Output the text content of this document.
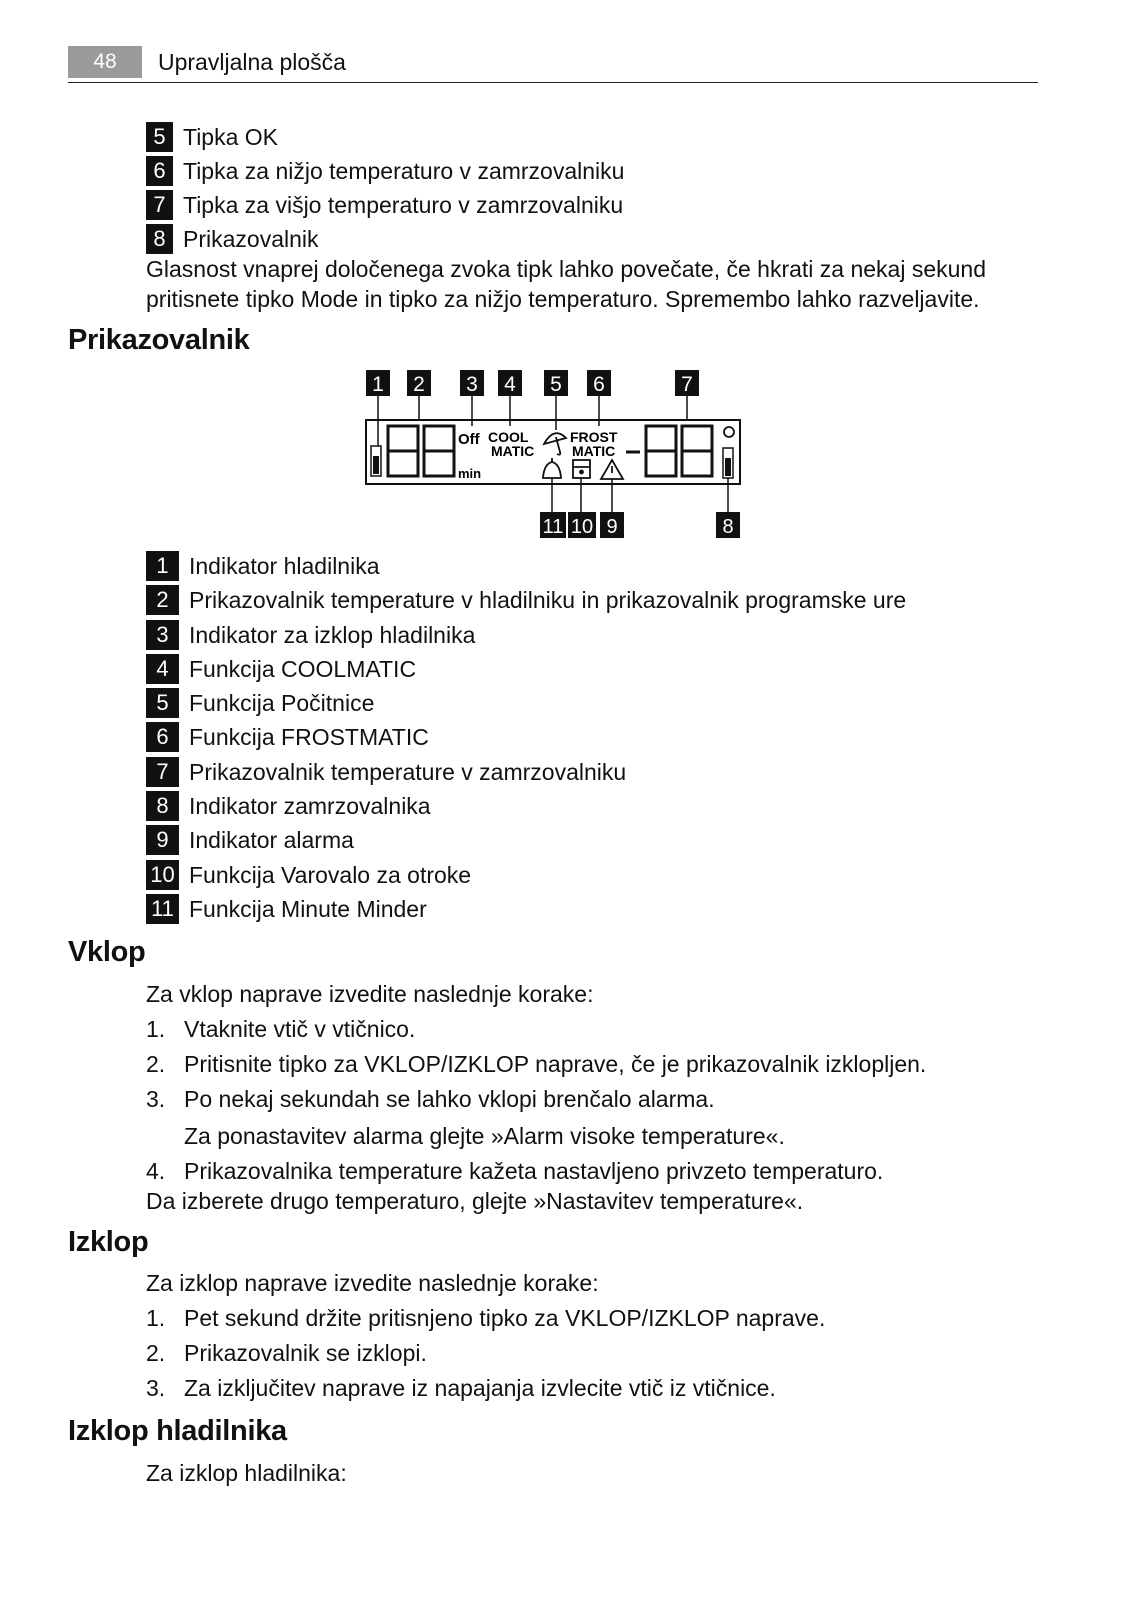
48	Upravljalna plošča
5 Tipka OK
6 Tipka za nižjo temperaturo v zamrzovalniku
7 Tipka za višjo temperaturo v zamrzovalniku
8 Prikazovalnik
Glasnost vnaprej določenega zvoka tipk lahko povečate, če hkrati za nekaj sekund pritisnete tipko Mode in tipko za nižjo temperaturo. Spremembo lahko razveljavite.
Prikazovalnik
1 2 3 4 5 6	7
Off
min
COOL
MATIC
FROST
MATIC
11 10 9	8
1 Indikator hladilnika
2 Prikazovalnik temperature v hladilniku in prikazovalnik programske ure
3 Indikator za izklop hladilnika
4 Funkcija COOLMATIC
5 Funkcija Počitnice
6 Funkcija FROSTMATIC
7 Prikazovalnik temperature v zamrzovalniku
8 Indikator zamrzovalnika
9 Indikator alarma
10 Funkcija Varovalo za otroke
11 Funkcija Minute Minder
Vklop
Za vklop naprave izvedite naslednje korake:
1. Vtaknite vtič v vtičnico.
2. Pritisnite tipko za VKLOP/IZKLOP naprave, če je prikazovalnik izklopljen.
3. Po nekaj sekundah se lahko vklopi brenčalo alarma.
Za ponastavitev alarma glejte »Alarm visoke temperature«.
4. Prikazovalnika temperature kažeta nastavljeno privzeto temperaturo.
Da izberete drugo temperaturo, glejte »Nastavitev temperature«.
Izklop
Za izklop naprave izvedite naslednje korake:
1. Pet sekund držite pritisnjeno tipko za VKLOP/IZKLOP naprave.
2. Prikazovalnik se izklopi.
3. Za izključitev naprave iz napajanja izvlecite vtič iz vtičnice.
Izklop hladilnika
Za izklop hladilnika:
